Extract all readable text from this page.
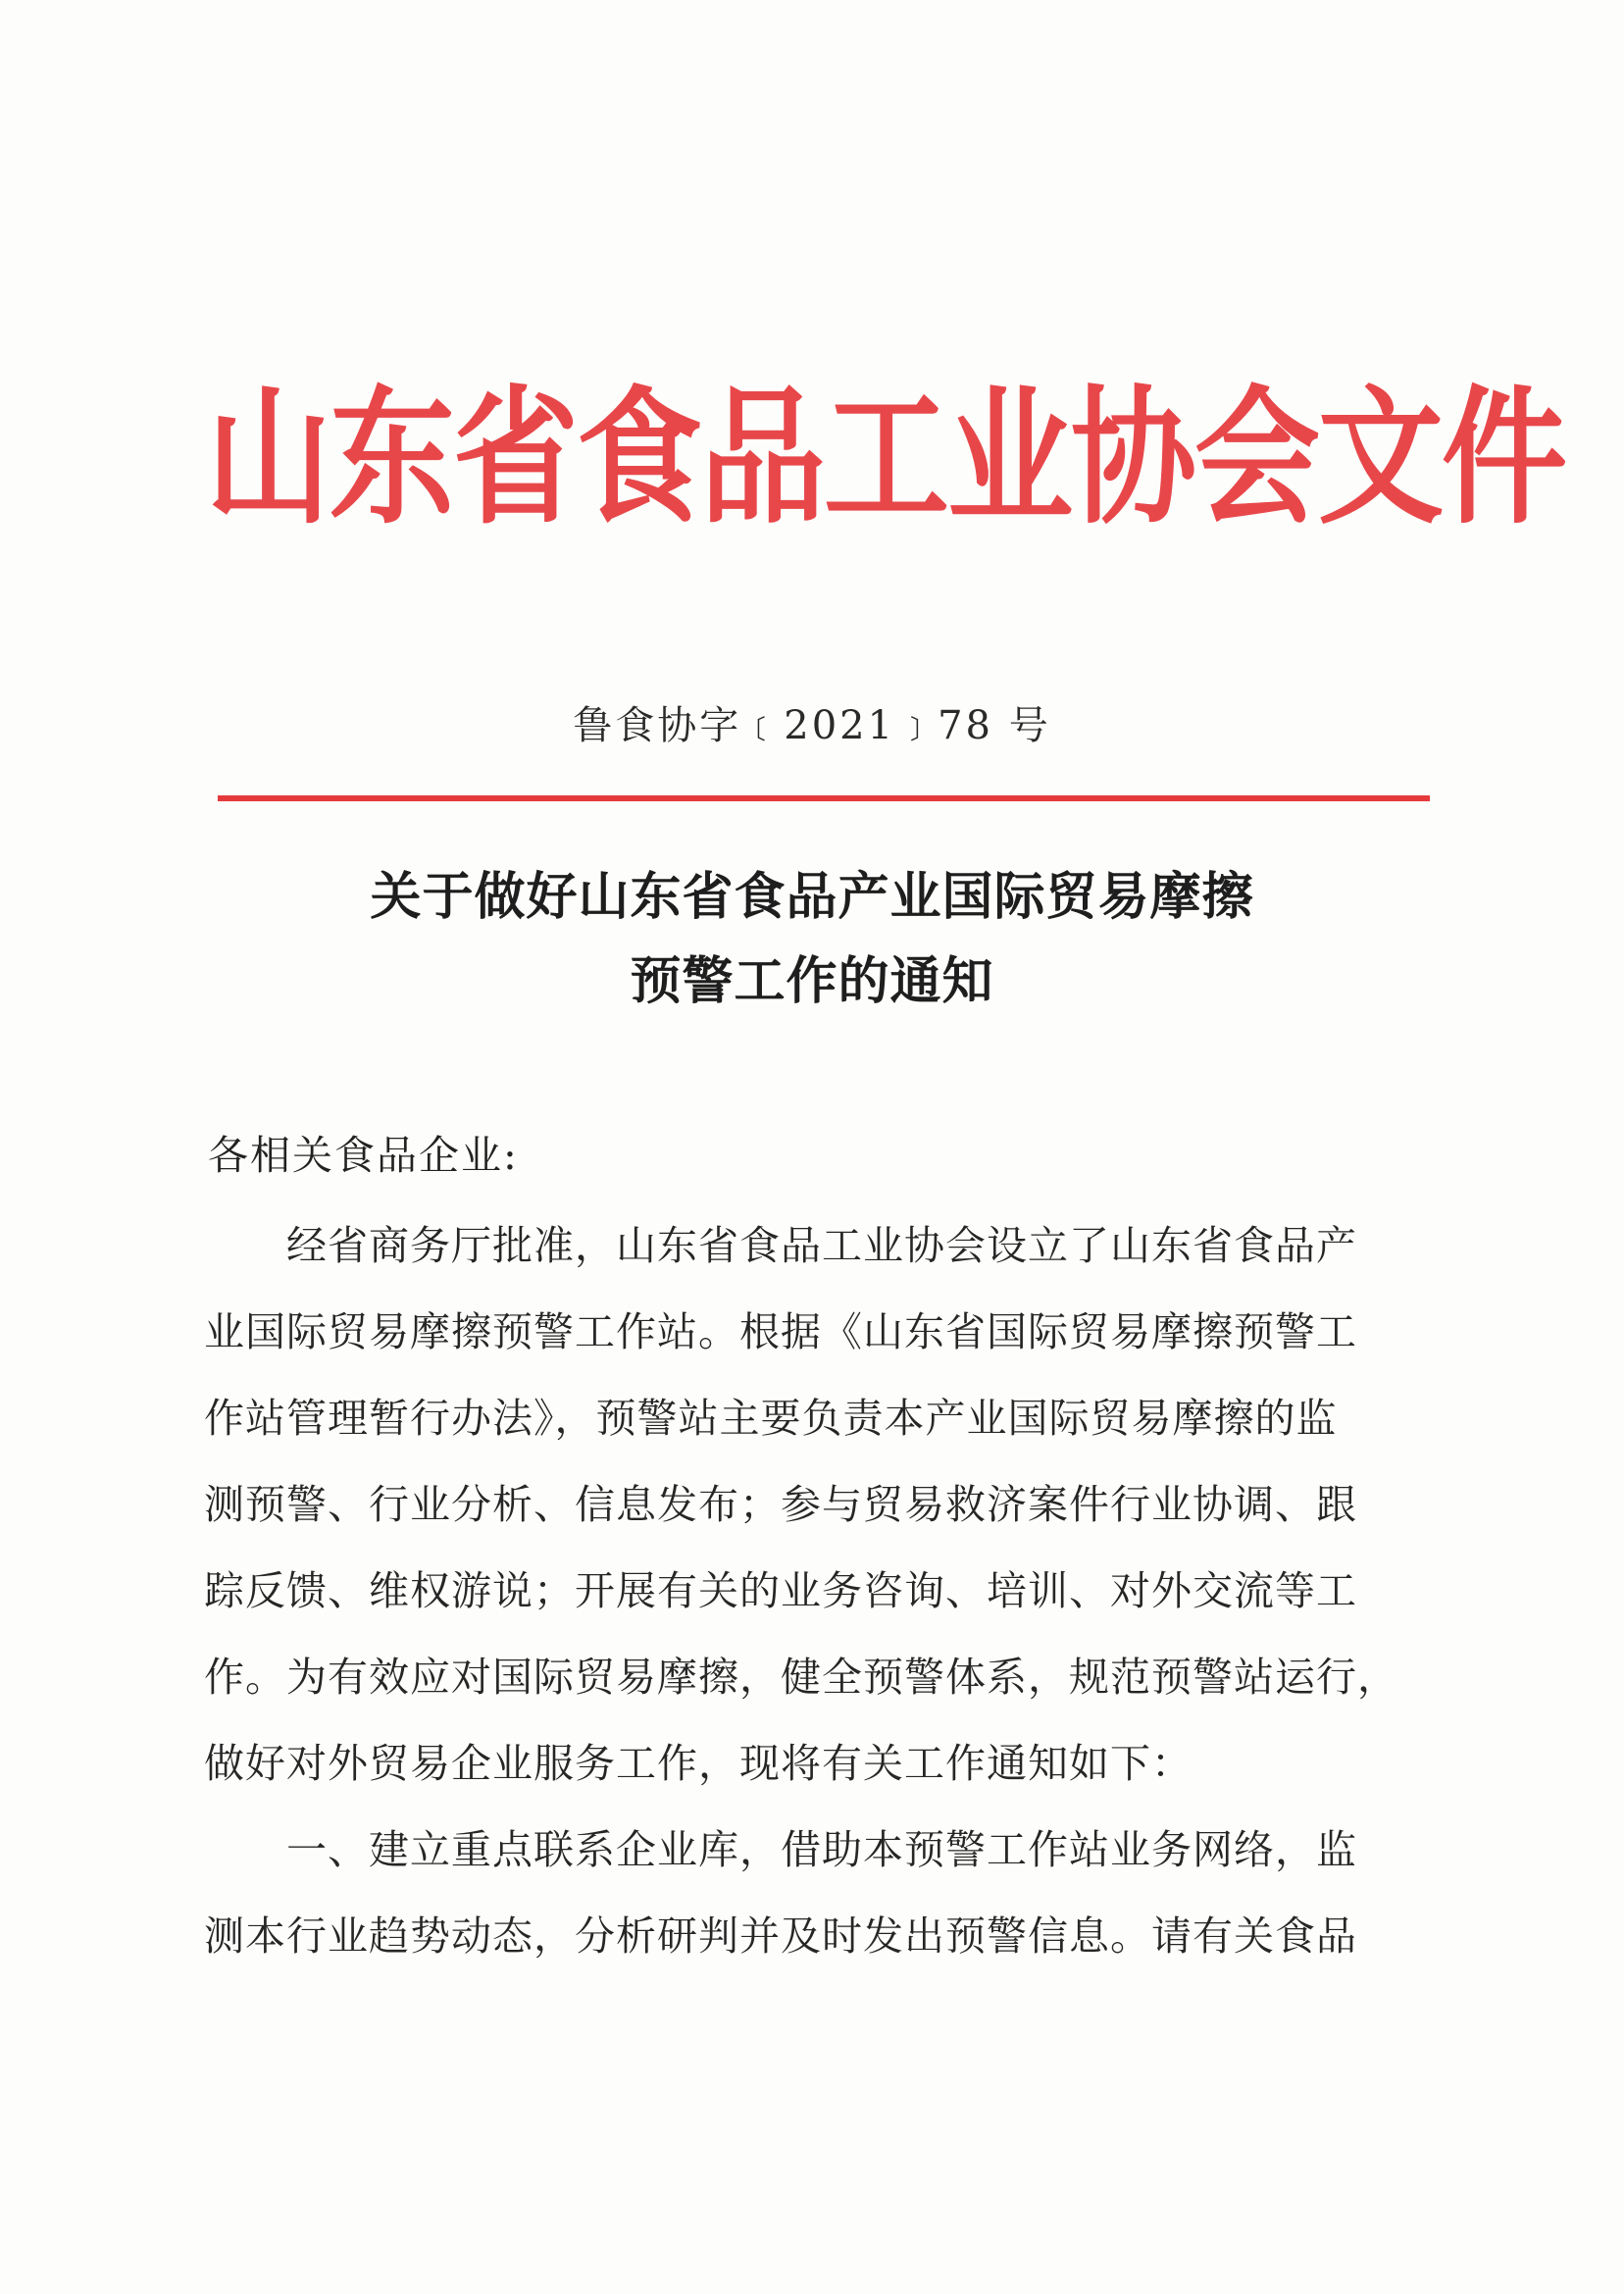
山东省食品工业协会文件
鲁食协字﹝2021﹞78 号
关于做好山东省食品产业国际贸易摩擦
预警工作的通知
各相关食品企业:
　　经省商务厅批准，山东省食品工业协会设立了山东省食品产
业国际贸易摩擦预警工作站。根据《山东省国际贸易摩擦预警工
作站管理暂行办法》，预警站主要负责本产业国际贸易摩擦的监
测预警、行业分析、信息发布；参与贸易救济案件行业协调、跟
踪反馈、维权游说；开展有关的业务咨询、培训、对外交流等工
作。为有效应对国际贸易摩擦，健全预警体系，规范预警站运行，
做好对外贸易企业服务工作，现将有关工作通知如下：
　　一、建立重点联系企业库，借助本预警工作站业务网络，监
测本行业趋势动态，分析研判并及时发出预警信息。请有关食品
